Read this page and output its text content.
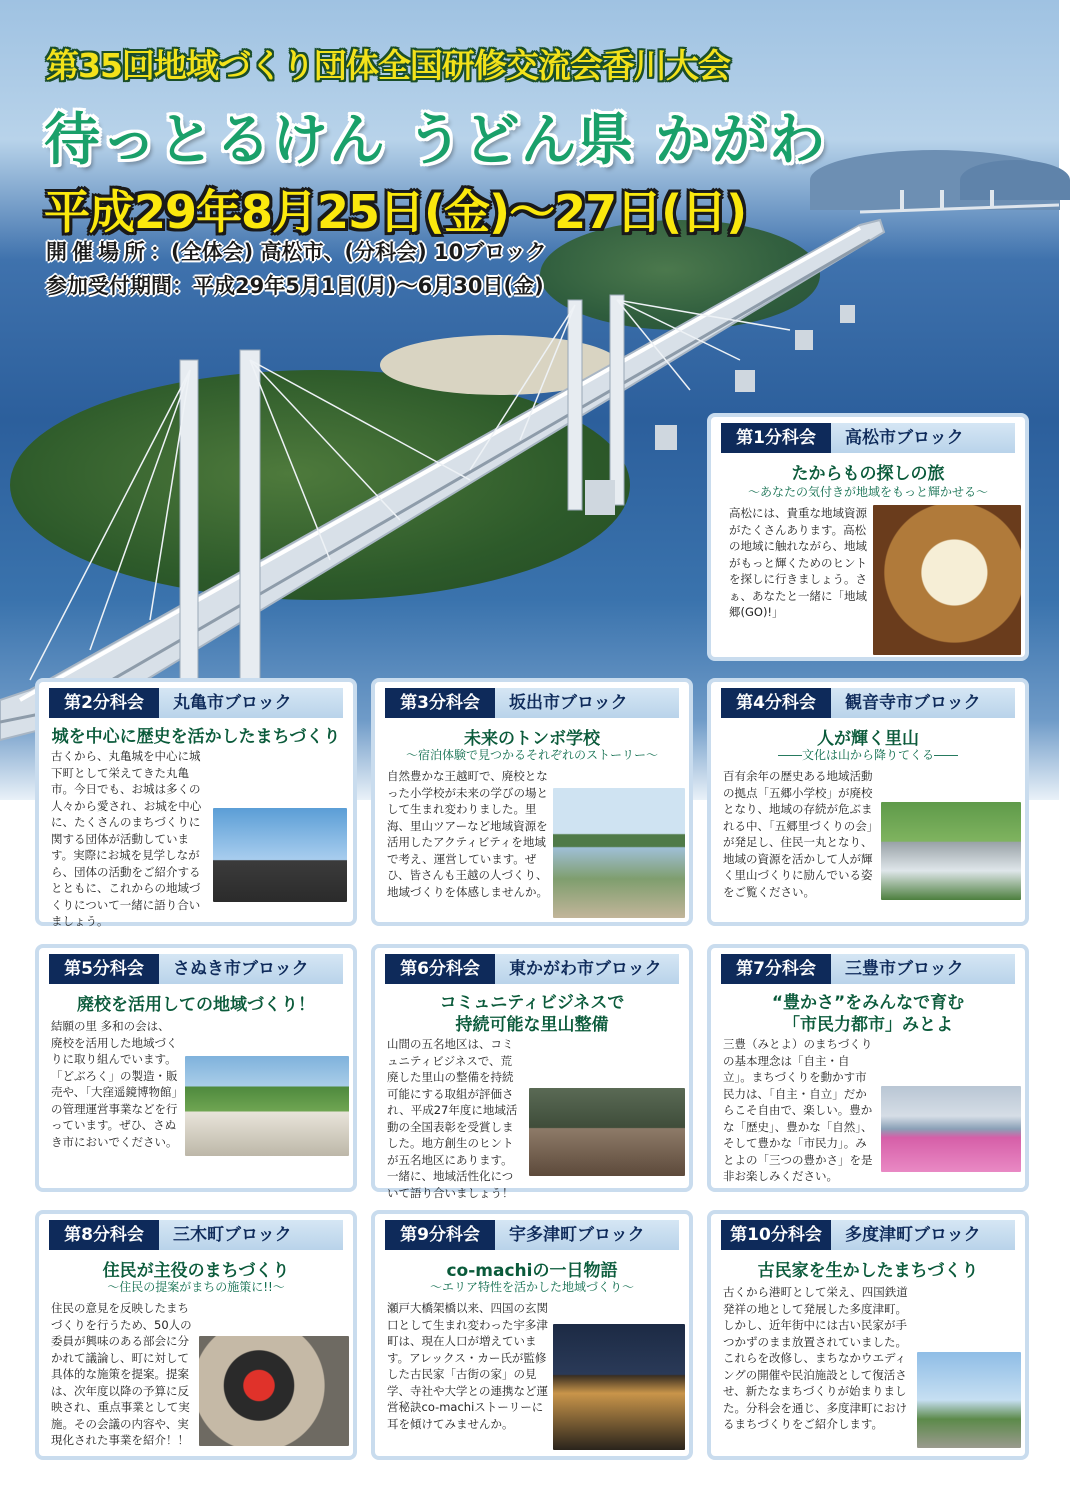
第35回地域づくり団体全国研修交流会香川大会
待っとるけん うどん県 かがわ
平成29年8月25日(金)～27日(日)
開催場所：(全体会) 高松市、(分科会) 10ブロック
参加受付期間：平成29年5月1日(月)～6月30日(金)
第1分科会	高松市ブロック
たからもの探しの旅
～あなたの気付きが地域をもっと輝かせる～
高松には、貴重な地域資源がたくさんあります。高松の地域に触れながら、地域がもっと輝くためのヒントを探しに行きましょう。さぁ、あなたと一緒に「地域郷(GO)!」
第2分科会	丸亀市ブロック
城を中心に歴史を活かしたまちづくり
古くから、丸亀城を中心に城下町として栄えてきた丸亀市。今日でも、お城は多くの人々から愛され、お城を中心に、たくさんのまちづくりに関する団体が活動しています。実際にお城を見学しながら、団体の活動をご紹介するとともに、これからの地域づくりについて一緒に語り合いましょう。
第3分科会	坂出市ブロック
未来のトンボ学校
～宿泊体験で見つかるそれぞれのストーリー～
自然豊かな王越町で、廃校となった小学校が未来の学びの場として生まれ変わりました。里海、里山ツアーなど地域資源を活用したアクティビティを地域で考え、運営しています。ぜひ、皆さんも王越の人づくり、地域づくりを体感しませんか。
第4分科会	観音寺市ブロック
人が輝く里山
――文化は山から降りてくる――
百有余年の歴史ある地域活動の拠点「五郷小学校」が廃校となり、地域の存続が危ぶまれる中、「五郷里づくりの会」が発足し、住民一丸となり、地域の資源を活かして人が輝く里山づくりに励んでいる姿をご覧ください。
第5分科会	さぬき市ブロック
廃校を活用しての地域づくり！
結願の里 多和の会は、廃校を活用した地域づくりに取り組んでいます。「どぶろく」の製造・販売や、「大窪遥鏡博物館」の管理運営事業などを行っています。ぜひ、さぬき市においでください。
第6分科会	東かがわ市ブロック
コミュニティビジネスで
持続可能な里山整備
山間の五名地区は、コミュニティビジネスで、荒廃した里山の整備を持続可能にする取組が評価され、平成27年度に地域活動の全国表彰を受賞しました。地方創生のヒントが五名地区にあります。一緒に、地域活性化について語り合いましょう！
第7分科会	三豊市ブロック
“豊かさ”をみんなで育む
「市民力都市」みとよ
三豊（みとよ）のまちづくりの基本理念は「自主・自立」。まちづくりを動かす市民力は、「自主・自立」だからこそ自由で、楽しい。豊かな「歴史」、豊かな「自然」、そして豊かな「市民力」。みとよの「三つの豊かさ」を是非お楽しみください。
第8分科会	三木町ブロック
住民が主役のまちづくり
～住民の提案がまちの施策に!!～
住民の意見を反映したまちづくりを行うため、50人の委員が興味のある部会に分かれて議論し、町に対して具体的な施策を提案。提案は、次年度以降の予算に反映され、重点事業として実施。その会議の内容や、実現化された事業を紹介！！
第9分科会	宇多津町ブロック
co-machiの一日物語
～エリア特性を活かした地域づくり～
瀬戸大橋架橋以来、四国の玄関口として生まれ変わった宇多津町は、現在人口が増えています。アレックス・カー氏が監修した古民家「古街の家」の見学、寺社や大学との連携など運営秘訣co-machiストーリーに耳を傾けてみませんか。
第10分科会	多度津町ブロック
古民家を生かしたまちづくり
古くから港町として栄え、四国鉄道発祥の地として発展した多度津町。しかし、近年街中には古い民家が手つかずのまま放置されていました。これらを改修し、まちなかウエディングの開催や民泊施設として復活させ、新たなまちづくりが始まりました。分科会を通じ、多度津町におけるまちづくりをご紹介します。
